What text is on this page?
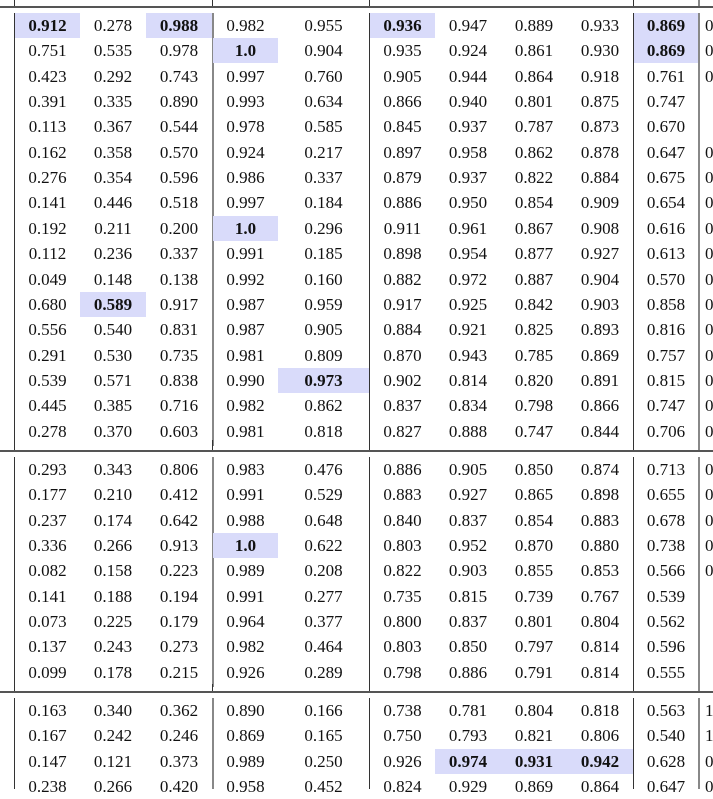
0.912	0.278	0.988	0.982	0.955	0.936	0.947	0.889	0.933	0.869	0
0.751	0.535	0.978	1.0	0.904	0.935	0.924	0.861	0.930	0.869	0
0.423	0.292	0.743	0.997	0.760	0.905	0.944	0.864	0.918	0.761	0
0.391	0.335	0.890	0.993	0.634	0.866	0.940	0.801	0.875	0.747
0.113	0.367	0.544	0.978	0.585	0.845	0.937	0.787	0.873	0.670
0.162	0.358	0.570	0.924	0.217	0.897	0.958	0.862	0.878	0.647	0
0.276	0.354	0.596	0.986	0.337	0.879	0.937	0.822	0.884	0.675	0
0.141	0.446	0.518	0.997	0.184	0.886	0.950	0.854	0.909	0.654	0
0.192	0.211	0.200	1.0	0.296	0.911	0.961	0.867	0.908	0.616	0
0.112	0.236	0.337	0.991	0.185	0.898	0.954	0.877	0.927	0.613	0
0.049	0.148	0.138	0.992	0.160	0.882	0.972	0.887	0.904	0.570	0
0.680	0.589	0.917	0.987	0.959	0.917	0.925	0.842	0.903	0.858	0
0.556	0.540	0.831	0.987	0.905	0.884	0.921	0.825	0.893	0.816	0
0.291	0.530	0.735	0.981	0.809	0.870	0.943	0.785	0.869	0.757	0
0.539	0.571	0.838	0.990	0.973	0.902	0.814	0.820	0.891	0.815	0
0.445	0.385	0.716	0.982	0.862	0.837	0.834	0.798	0.866	0.747	0
0.278	0.370	0.603	0.981	0.818	0.827	0.888	0.747	0.844	0.706	0
0.293	0.343	0.806	0.983	0.476	0.886	0.905	0.850	0.874	0.713	0
0.177	0.210	0.412	0.991	0.529	0.883	0.927	0.865	0.898	0.655	0
0.237	0.174	0.642	0.988	0.648	0.840	0.837	0.854	0.883	0.678	0
0.336	0.266	0.913	1.0	0.622	0.803	0.952	0.870	0.880	0.738	0
0.082	0.158	0.223	0.989	0.208	0.822	0.903	0.855	0.853	0.566	0
0.141	0.188	0.194	0.991	0.277	0.735	0.815	0.739	0.767	0.539
0.073	0.225	0.179	0.964	0.377	0.800	0.837	0.801	0.804	0.562
0.137	0.243	0.273	0.982	0.464	0.803	0.850	0.797	0.814	0.596
0.099	0.178	0.215	0.926	0.289	0.798	0.886	0.791	0.814	0.555
0.163	0.340	0.362	0.890	0.166	0.738	0.781	0.804	0.818	0.563	1
0.167	0.242	0.246	0.869	0.165	0.750	0.793	0.821	0.806	0.540	1
0.147	0.121	0.373	0.989	0.250	0.926	0.974	0.931	0.942	0.628	0
0.238	0.266	0.420	0.958	0.452	0.824	0.929	0.869	0.864	0.647	0
